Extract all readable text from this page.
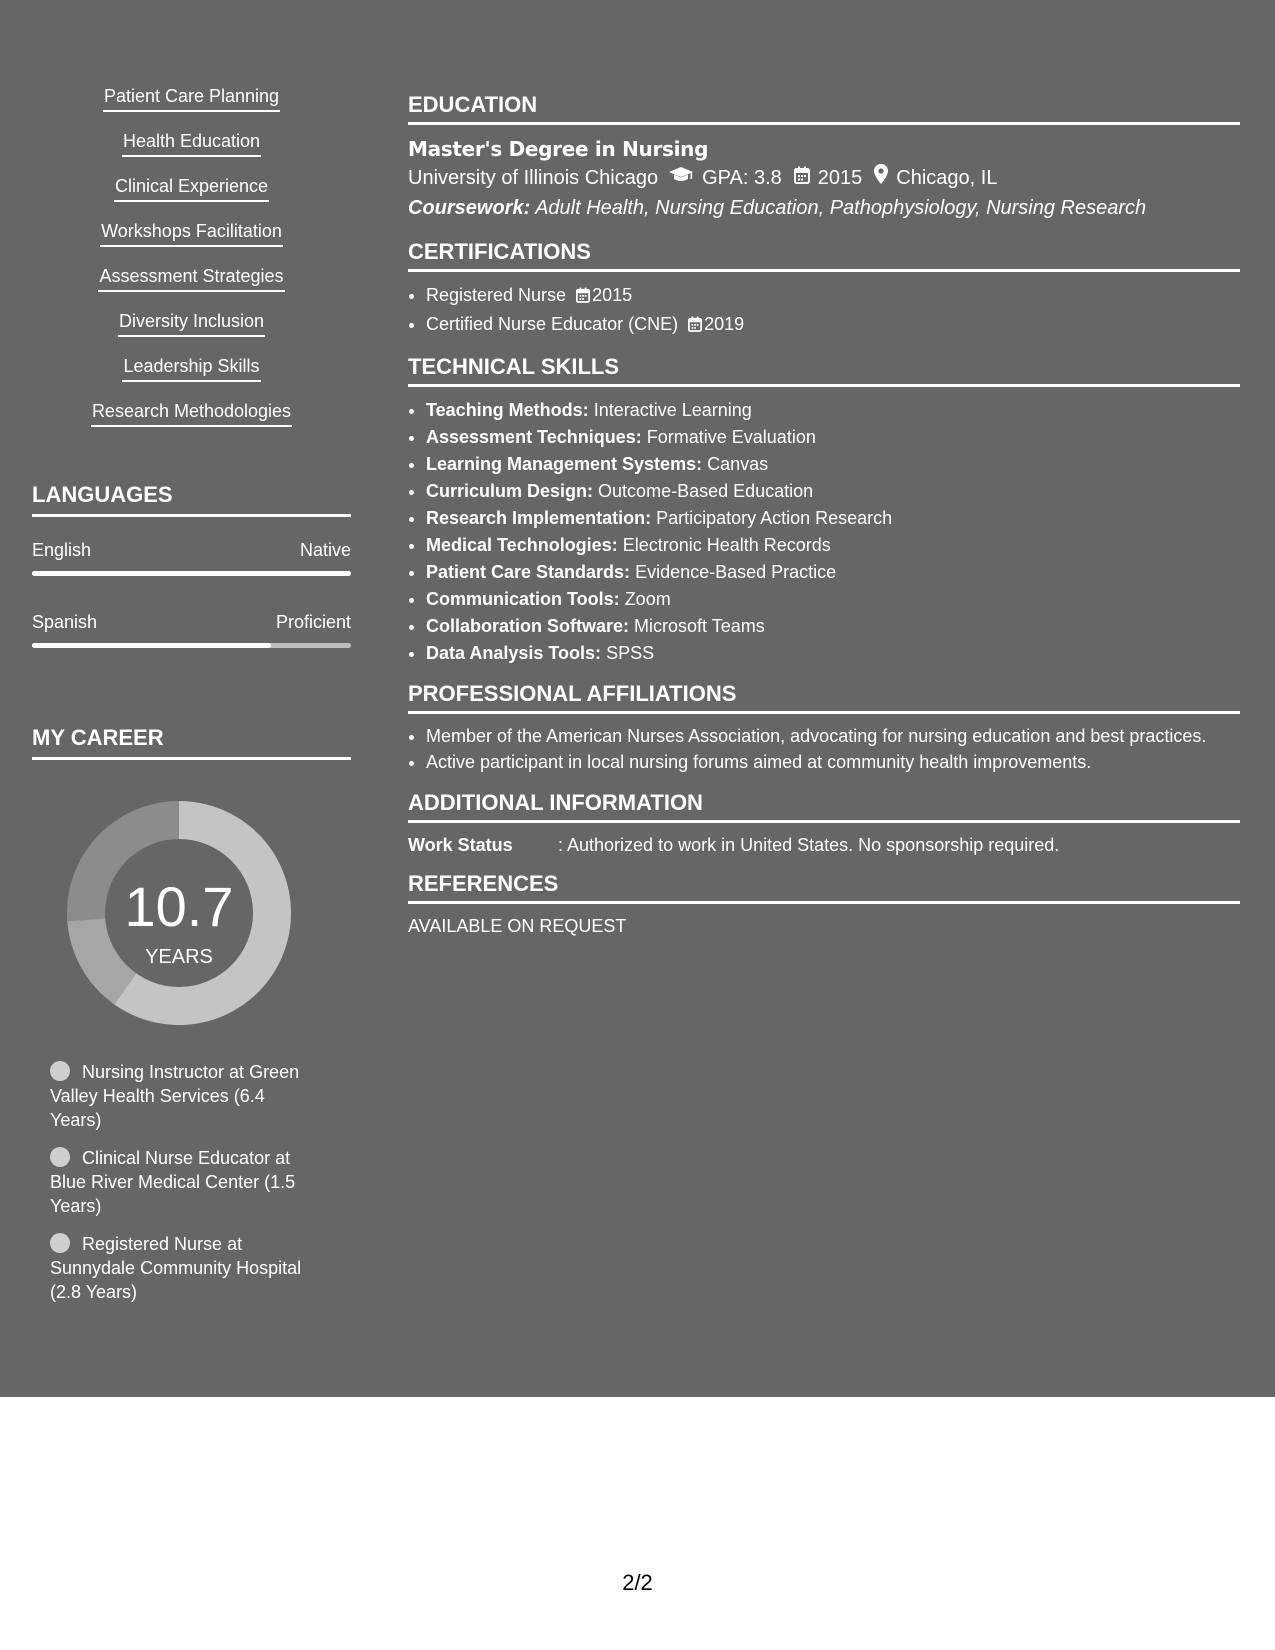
Patient Care Planning
Health Education
Clinical Experience
Workshops Facilitation
Assessment Strategies
Diversity Inclusion
Leadership Skills
Research Methodologies
LANGUAGES
English	Native
Spanish	Proficient
MY CAREER
10.7
YEARS
Nursing Instructor at Green Valley Health Services (6.4 Years)
Clinical Nurse Educator at Blue River Medical Center (1.5 Years)
Registered Nurse at Sunnydale Community Hospital (2.8 Years)
EDUCATION
Master's Degree in Nursing
University of Illinois Chicago GPA: 3.8 2015 Chicago, IL
Coursework: Adult Health, Nursing Education, Pathophysiology, Nursing Research
CERTIFICATIONS
• Registered Nurse 2015
• Certified Nurse Educator (CNE) 2019
TECHNICAL SKILLS
• Teaching Methods: Interactive Learning
• Assessment Techniques: Formative Evaluation
• Learning Management Systems: Canvas
• Curriculum Design: Outcome-Based Education
• Research Implementation: Participatory Action Research
• Medical Technologies: Electronic Health Records
• Patient Care Standards: Evidence-Based Practice
• Communication Tools: Zoom
• Collaboration Software: Microsoft Teams
• Data Analysis Tools: SPSS
PROFESSIONAL AFFILIATIONS
• Member of the American Nurses Association, advocating for nursing education and best practices.
• Active participant in local nursing forums aimed at community health improvements.
ADDITIONAL INFORMATION
Work Status	: Authorized to work in United States. No sponsorship required.
REFERENCES
AVAILABLE ON REQUEST
2/2
